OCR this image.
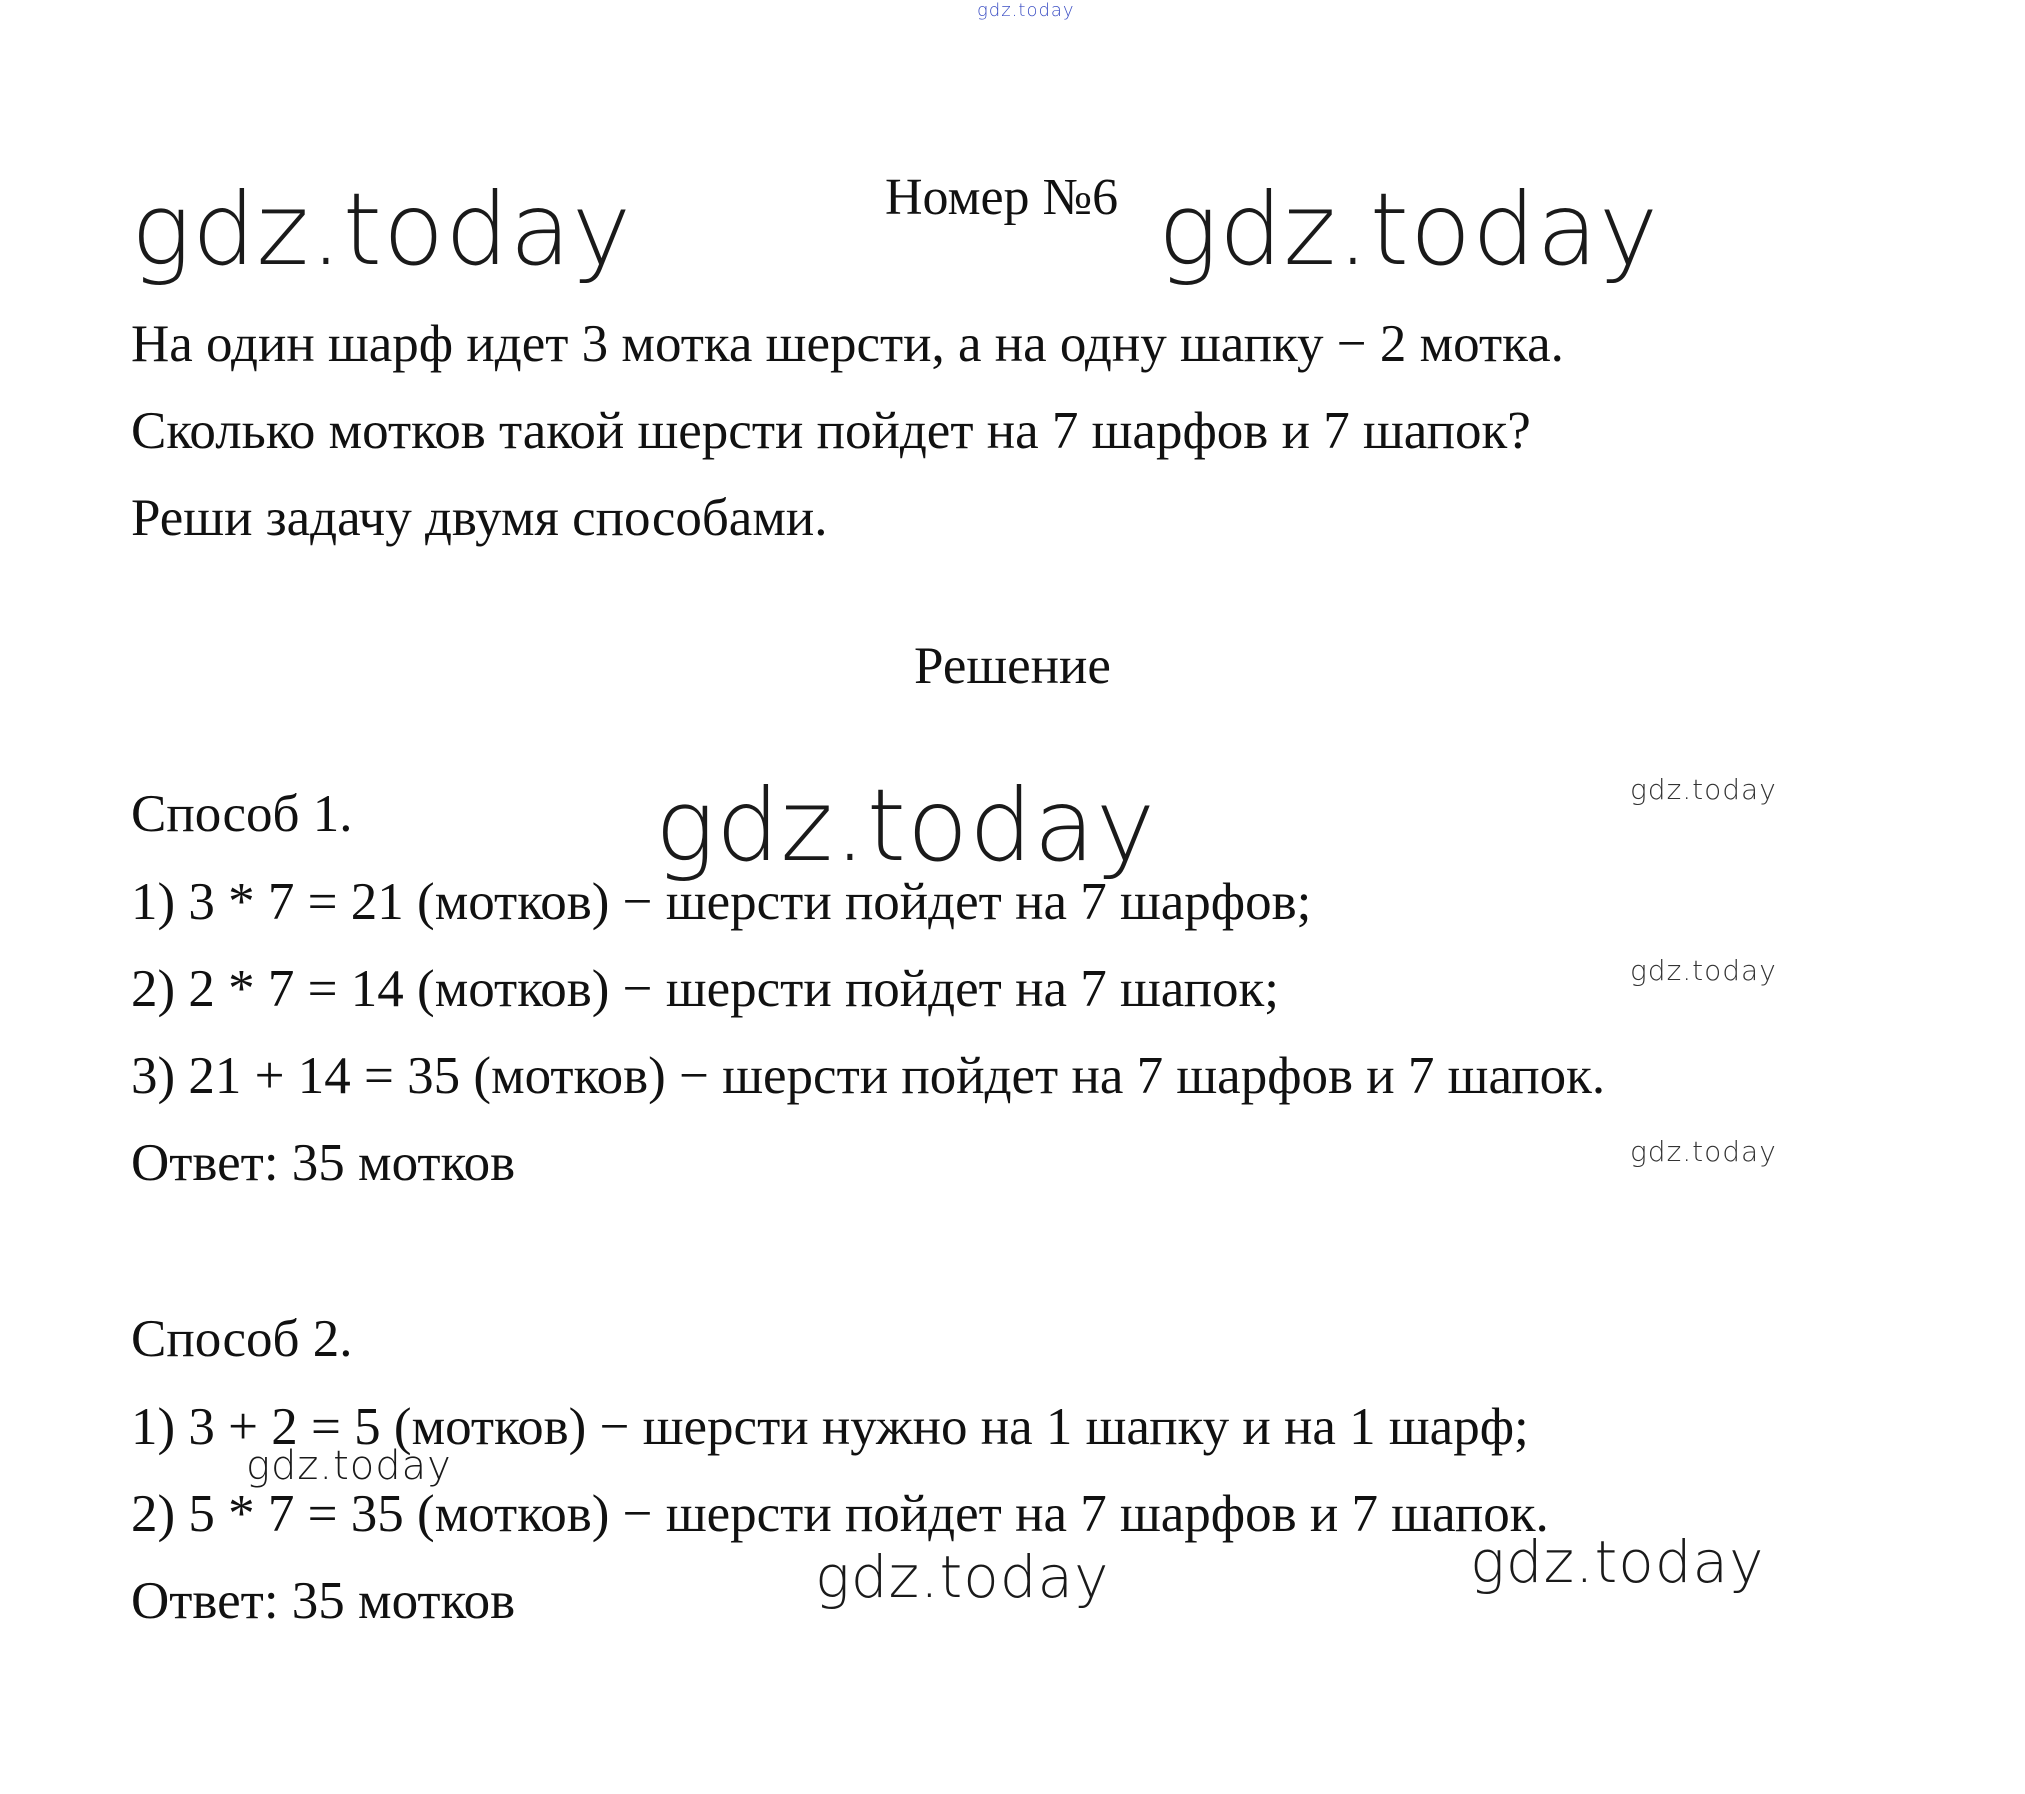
gdz.today
gdz.today	gdz.today
gdz.today	gdz.today
gdz.today
gdz.today
gdz.today
gdz.today	gdz.today
Номер №6
На один шарф идет 3 мотка шерсти, а на одну шапку − 2 мотка.
Сколько мотков такой шерсти пойдет на 7 шарфов и 7 шапок?
Реши задачу двумя способами.
Решение
Способ 1.
1) 3 * 7 = 21 (мотков) − шерсти пойдет на 7 шарфов;
2) 2 * 7 = 14 (мотков) − шерсти пойдет на 7 шапок;
3) 21 + 14 = 35 (мотков) − шерсти пойдет на 7 шарфов и 7 шапок.
Ответ: 35 мотков
Способ 2.
1) 3 + 2 = 5 (мотков) − шерсти нужно на 1 шапку и на 1 шарф;
2) 5 * 7 = 35 (мотков) − шерсти пойдет на 7 шарфов и 7 шапок.
Ответ: 35 мотков
